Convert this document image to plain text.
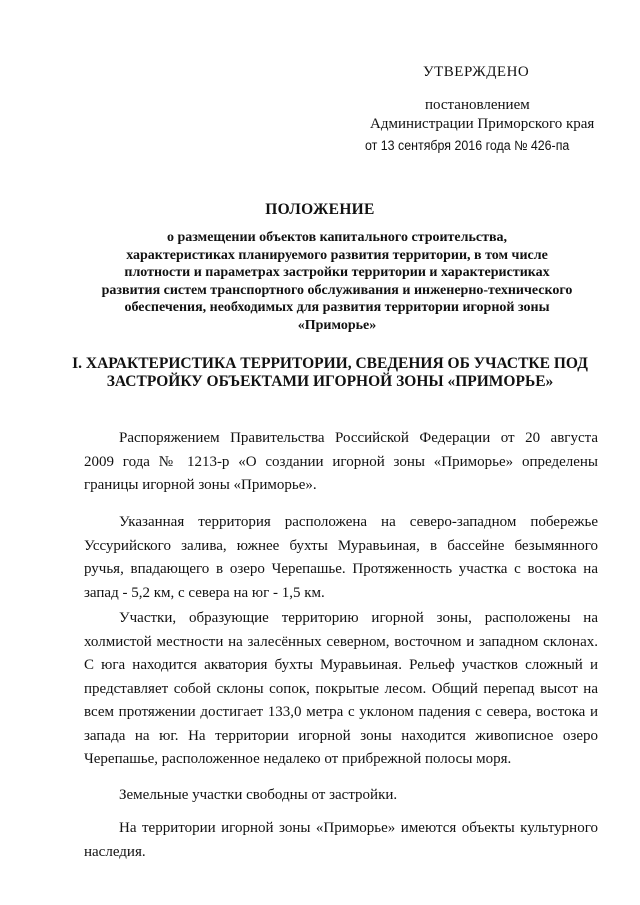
УТВЕРЖДЕНО
постановлением
Администрации Приморского края
от 13 сентября 2016 года № 426-па
ПОЛОЖЕНИЕ
о размещении объектов капитального строительства,
характеристиках планируемого развития территории, в том числе
плотности и параметрах застройки территории и характеристиках
развития систем транспортного обслуживания и инженерно-технического
обеспечения, необходимых для развития территории игорной зоны
«Приморье»
I. ХАРАКТЕРИСТИКА ТЕРРИТОРИИ, СВЕДЕНИЯ ОБ УЧАСТКЕ ПОД
ЗАСТРОЙКУ ОБЪЕКТАМИ ИГОРНОЙ ЗОНЫ «ПРИМОРЬЕ»
Распоряжением Правительства Российской Федерации от 20 августа
2009 года № 1213-р «О создании игорной зоны «Приморье» определены
границы игорной зоны «Приморье».
Указанная территория расположена на северо-западном побережье
Уссурийского залива, южнее бухты Муравьиная, в бассейне безымянного
ручья, впадающего в озеро Черепашье. Протяженность участка с востока на
запад - 5,2 км, с севера на юг - 1,5 км.
Участки, образующие территорию игорной зоны, расположены на
холмистой местности на залесённых северном, восточном и западном склонах.
С юга находится акватория бухты Муравьиная. Рельеф участков сложный и
представляет собой склоны сопок, покрытые лесом. Общий перепад высот на
всем протяжении достигает 133,0 метра с уклоном падения с севера, востока и
запада на юг. На территории игорной зоны находится живописное озеро
Черепашье, расположенное недалеко от прибрежной полосы моря.
Земельные участки свободны от застройки.
На территории игорной зоны «Приморье» имеются объекты культурного
наследия.
